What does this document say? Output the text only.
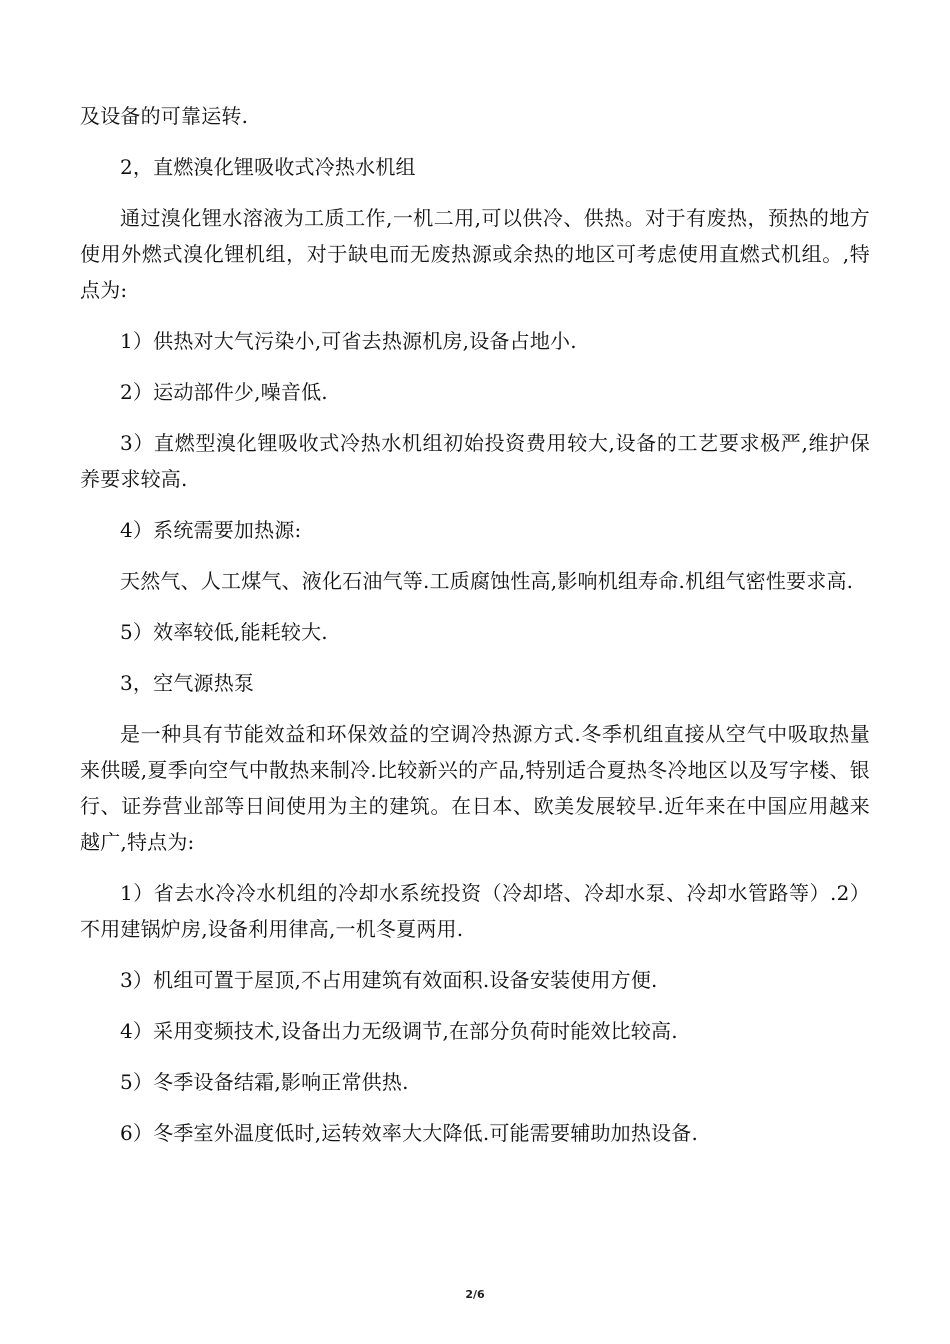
及设备的可靠运转.

2，直燃溴化锂吸收式冷热水机组

通过溴化锂水溶液为工质工作,一机二用,可以供冷、供热。对于有废热，预热的地方使用外燃式溴化锂机组，对于缺电而无废热源或余热的地区可考虑使用直燃式机组。,特点为:

1）供热对大气污染小,可省去热源机房,设备占地小.

2）运动部件少,噪音低.

3）直燃型溴化锂吸收式冷热水机组初始投资费用较大,设备的工艺要求极严,维护保养要求较高.

4）系统需要加热源:

天然气、人工煤气、液化石油气等.工质腐蚀性高,影响机组寿命.机组气密性要求高.

5）效率较低,能耗较大.

3，空气源热泵

是一种具有节能效益和环保效益的空调冷热源方式.冬季机组直接从空气中吸取热量来供暖,夏季向空气中散热来制冷.比较新兴的产品,特别适合夏热冬冷地区以及写字楼、银行、证券营业部等日间使用为主的建筑。在日本、欧美发展较早.近年来在中国应用越来越广,特点为:

1）省去水冷冷水机组的冷却水系统投资（冷却塔、冷却水泵、冷却水管路等）.2）不用建锅炉房,设备利用律高,一机冬夏两用.

3）机组可置于屋顶,不占用建筑有效面积.设备安装使用方便.

4）采用变频技术,设备出力无级调节,在部分负荷时能效比较高.

5）冬季设备结霜,影响正常供热.

6）冬季室外温度低时,运转效率大大降低.可能需要辅助加热设备.

2/6
